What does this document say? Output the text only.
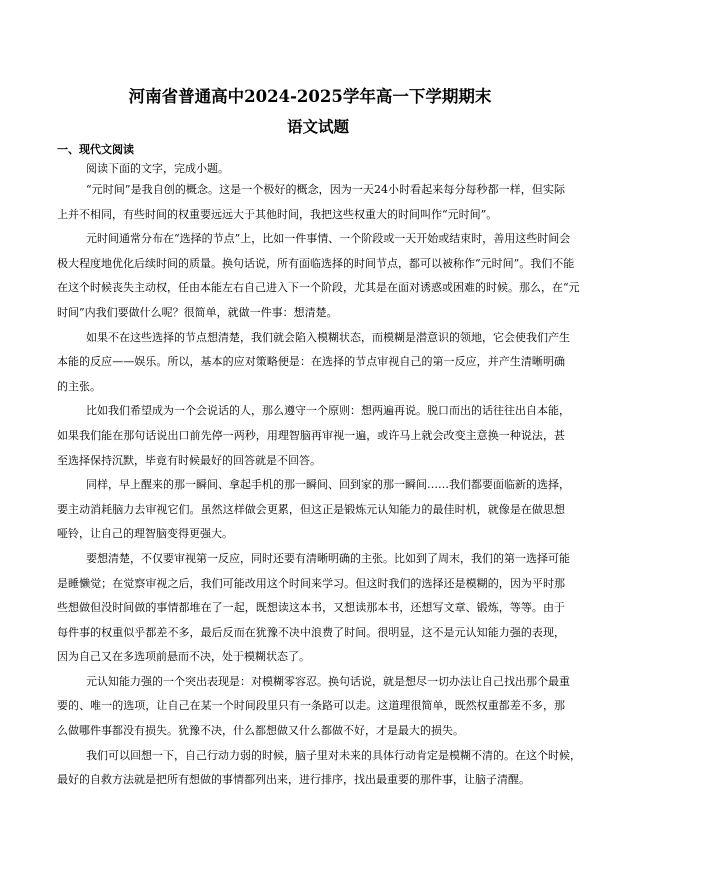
河南省普通高中2024-2025学年高一下学期期末
语文试题
一、现代文阅读
阅读下面的文字，完成小题。
“元时间”是我自创的概念。这是一个极好的概念，因为一天24小时看起来每分每秒都一样，但实际
上并不相同，有些时间的权重要远远大于其他时间，我把这些权重大的时间叫作“元时间”。
元时间通常分布在“选择的节点”上，比如一件事情、一个阶段或一天开始或结束时，善用这些时间会
极大程度地优化后续时间的质量。换句话说，所有面临选择的时间节点，都可以被称作“元时间”。我们不能
在这个时候丧失主动权，任由本能左右自己进入下一个阶段，尤其是在面对诱惑或困难的时候。那么，在“元
时间”内我们要做什么呢？很简单，就做一件事：想清楚。
如果不在这些选择的节点想清楚，我们就会陷入模糊状态，而模糊是潜意识的领地，它会使我们产生
本能的反应——娱乐。所以，基本的应对策略便是：在选择的节点审视自己的第一反应，并产生清晰明确
的主张。
比如我们希望成为一个会说话的人，那么遵守一个原则：想两遍再说。脱口而出的话往往出自本能，
如果我们能在那句话说出口前先停一两秒，用理智脑再审视一遍，或许马上就会改变主意换一种说法，甚
至选择保持沉默，毕竟有时候最好的回答就是不回答。
同样，早上醒来的那一瞬间、拿起手机的那一瞬间、回到家的那一瞬间……我们都要面临新的选择，
要主动消耗脑力去审视它们。虽然这样做会更累，但这正是锻炼元认知能力的最佳时机，就像是在做思想
哑铃，让自己的理智脑变得更强大。
要想清楚，不仅要审视第一反应，同时还要有清晰明确的主张。比如到了周末，我们的第一选择可能
是睡懒觉；在觉察审视之后，我们可能改用这个时间来学习。但这时我们的选择还是模糊的，因为平时那
些想做但没时间做的事情都堆在了一起，既想读这本书，又想读那本书，还想写文章、锻炼，等等。由于
每件事的权重似乎都差不多，最后反而在犹豫不决中浪费了时间。很明显，这不是元认知能力强的表现，
因为自己又在多选项前悬而不决，处于模糊状态了。
元认知能力强的一个突出表现是：对模糊零容忍。换句话说，就是想尽一切办法让自己找出那个最重
要的、唯一的选项，让自己在某一个时间段里只有一条路可以走。这道理很简单，既然权重都差不多，那
么做哪件事都没有损失。犹豫不决，什么都想做又什么都做不好，才是最大的损失。
我们可以回想一下，自己行动力弱的时候，脑子里对未来的具体行动肯定是模糊不清的。在这个时候，
最好的自救方法就是把所有想做的事情都列出来，进行排序，找出最重要的那件事，让脑子清醒。
